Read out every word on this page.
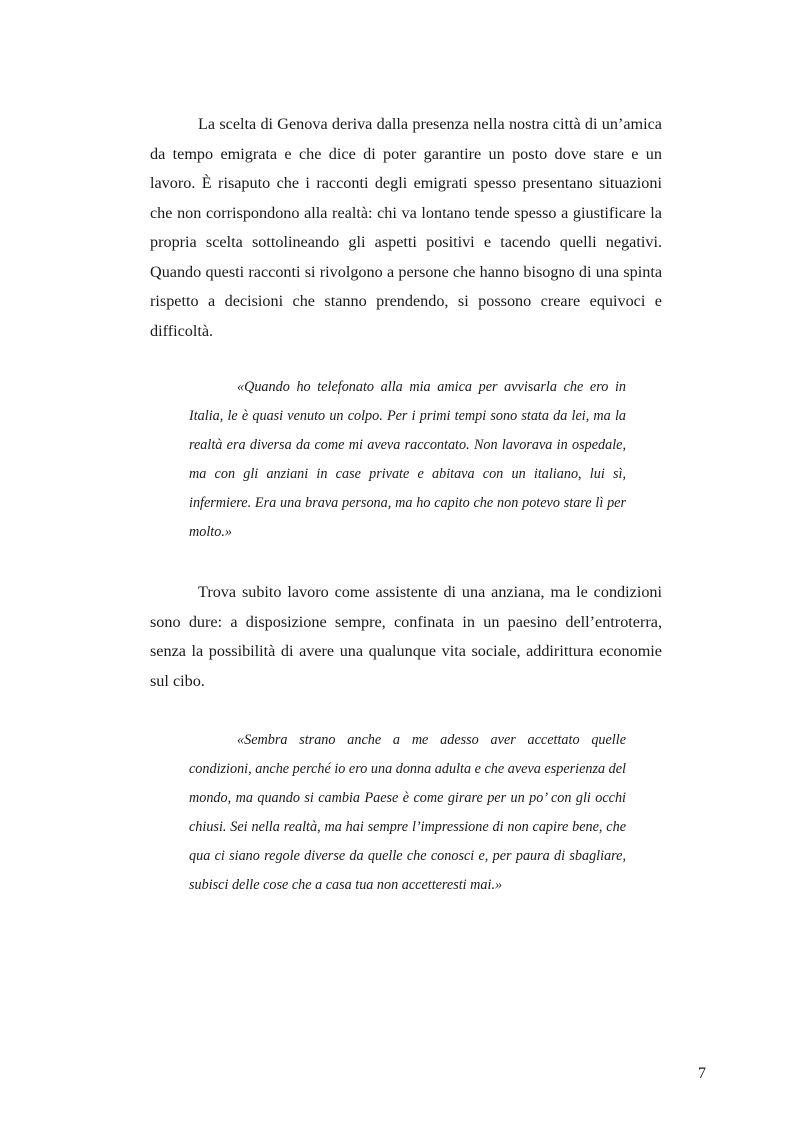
La scelta di Genova deriva dalla presenza nella nostra città di un’amica da tempo emigrata e che dice di poter garantire un posto dove stare e un lavoro. È risaputo che i racconti degli emigrati spesso presentano situazioni che non corrispondono alla realtà: chi va lontano tende spesso a giustificare la propria scelta sottolineando gli aspetti positivi e tacendo quelli negativi. Quando questi racconti si rivolgono a persone che hanno bisogno di una spinta rispetto a decisioni che stanno prendendo, si possono creare equivoci e difficoltà.

«Quando ho telefonato alla mia amica per avvisarla che ero in Italia, le è quasi venuto un colpo. Per i primi tempi sono stata da lei, ma la realtà era diversa da come mi aveva raccontato. Non lavorava in ospedale, ma con gli anziani in case private e abitava con un italiano, lui sì, infermiere. Era una brava persona, ma ho capito che non potevo stare lì per molto.»

Trova subito lavoro come assistente di una anziana, ma le condizioni sono dure: a disposizione sempre, confinata in un paesino dell’entroterra, senza la possibilità di avere una qualunque vita sociale, addirittura economie sul cibo.

«Sembra strano anche a me adesso aver accettato quelle condizioni, anche perché io ero una donna adulta e che aveva esperienza del mondo, ma quando si cambia Paese è come girare per un po’ con gli occhi chiusi. Sei nella realtà, ma hai sempre l’impressione di non capire bene, che qua ci siano regole diverse da quelle che conosci e, per paura di sbagliare, subisci delle cose che a casa tua non accetteresti mai.»

7
